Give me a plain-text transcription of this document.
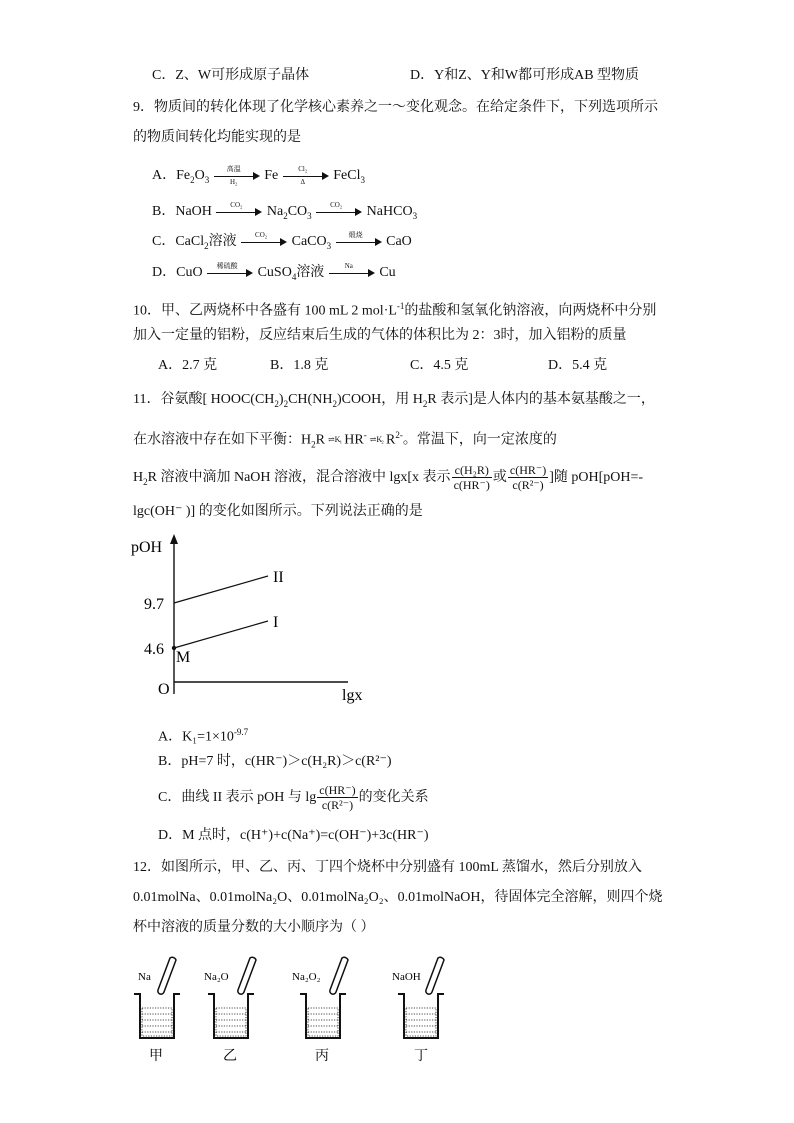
C．Z、W可形成原子晶体	D．Y和Z、Y和W都可形成AB 型物质
9．物质间的转化体现了化学核心素养之一～变化观念。在给定条件下，下列选项所示
的物质间转化均能实现的是
A．$Fe_2O_3$
高温
H₂	Fe $\frac{\text{Cl₂}}{\Delta}$ FeCl$_3$
B．NaOH	CO₂	$Na_2CO_3$
CO₂	NaHCO$_3$
C．CaCl$_2$溶液	CO₂	CaCO$_3$
煅烧	CaO
D．CuO	稀硫酸	CuSO$_4$溶液	Na	Cu
10．甲、乙两烧杯中各盛有 100 mL 2 $mol\cdot L^{-1}$的盐酸和氢氧化钠溶液，向两烧杯中分别
加入一定量的铝粉，反应结束后生成的气体的体积比为 2：3时，加入铝粉的质量
A．2.7 克	B．1.8 克	C．4.5 克	D．5.4 克
11．谷氨酸[ $HOOC(CH_2)_2CH(NH_2)COOH$，用 $H_2R$ 表示]是人体内的基本氨基酸之一，
在水溶液中存在如下平衡：$H_2R$ ⇌ K₁ HR- ⇌ K₂ $R^{2-}$。常温下，向一定浓度的
$H_2R$ 溶液中滴加 NaOH 溶液，混合溶液中 lgx[x 表示 $\frac{\text{c(H₂R)}}{c(HR^-)}$ 或 $\frac{c(HR^-)}{\text{c(R²⁻)}}$ ]随 pOH[pOH=-
lgc(OH⁻ )] 的变化如图所示。下列说法正确的是
pOH
lgx
O
9.7
4.6 M
II
I
A．$K_1=1\times 10^{-9.7}$
B．pH=7 时，c(HR⁻)＞c(H₂R)＞c(R²⁻)
C．曲线 II 表示 pOH 与 $\lg \frac{c(HR^-)}{\text{c(R²⁻)}}$ 的变化关系
D．M 点时，c(H⁺)+c(Na⁺)=c(OH⁻)+3c(HR⁻)
12．如图所示，甲、乙、丙、丁四个烧杯中分别盛有 100mL 蒸馏水，然后分别放入
0.01molNa、0.01molNa₂O、0.01molNa₂O₂、0.01molNaOH，待固体完全溶解，则四个烧
杯中溶液的质量分数的大小顺序为（ ）
Na
甲
Na₂O
乙
Na₂O₂
丙
NaOH
丁
